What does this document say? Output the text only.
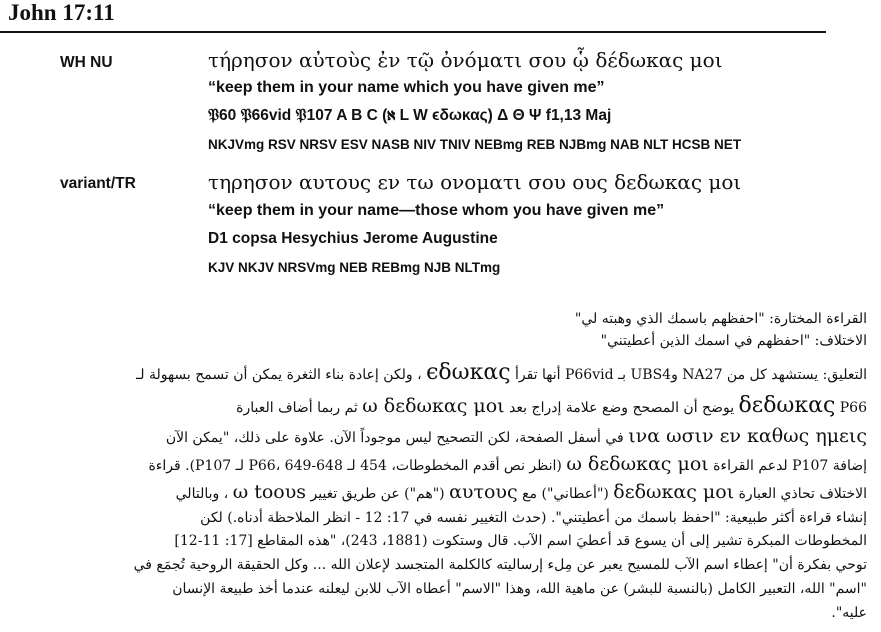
John 17:11
WH NU	τήρησον αὐτοὺς ἐν τῷ ὀνόματι σου ᾧ δέδωκας μοι
“keep them in your name which you have given me”
𝔓60 𝔓66vid 𝔓107 A B C (ℵ L W ϵδωκας) Δ Θ Ψ f1,13 Maj
NKJVmg RSV NRSV ESV NASB NIV TNIV NEBmg REB NJBmg NAB NLT HCSB NET
variant/TR	τηρησον αυτους εν τω ονοματι σου ους δεδωκας μοι
“keep them in your name—those whom you have given me”
D1 copsa Hesychius Jerome Augustine
KJV NKJV NRSVmg NEB REBmg NJB NLTmg
القراءة المختارة: "احفظهم باسمك الذي وهبته لي"
الاختلاف: "احفظهم في اسمك الذين أعطيتني"
التعليق: يستشهد كل من NA27 وUBS4 بـ P66vid أنها تقرأ ϵδωκας ، ولكن إعادة بناء الثغرة يمكن أن تسمح بسهولة لـ
δεδωκας P66 يوضح أن المصحح وضع علامة إدراج بعد ω δεδωκας μοι ثم ربما أضاف العبارة
ινα ωσιν εν καθως ημεις في أسفل الصفحة، لكن التصحيح ليس موجوداً الآن. علاوة على ذلك، "يمكن الآن
إضافة P107 لدعم القراءة ω δεδωκας μοι (انظر نص أقدم المخطوطات، 454 لـ P66، 649-648 لـ P107). قراءة
الاختلاف تحاذي العبارة δεδωκας μοι ("أعطاني") مع αυτους ("هم") عن طريق تغيير ω toουs ، وبالتالي
إنشاء قراءة أكثر طبيعية: "احفظ باسمك من أعطيتني". (حدث التغيير نفسه في 17: 12 - انظر الملاحظة أدناه.) لكن
المخطوطات المبكرة تشير إلى أن يسوع قد أعطيَ اسم الآب. قال وستكوت (1881، 243)، "هذه المقاطع [17: 11-12]
توحي بفكرة أن" إعطاء اسم الآب للمسيح يعبر عن مِلء إرساليته كالكلمة المتجسد لإعلان الله ... وكل الحقيقة الروحية تُجمَع في
"اسم" الله، التعبير الكامل (بالنسبة للبشر) عن ماهية الله، وهذا "الاسم" أعطاه الآب للابن ليعلنه عندما أخذ طبيعة الإنسان
عليه".
